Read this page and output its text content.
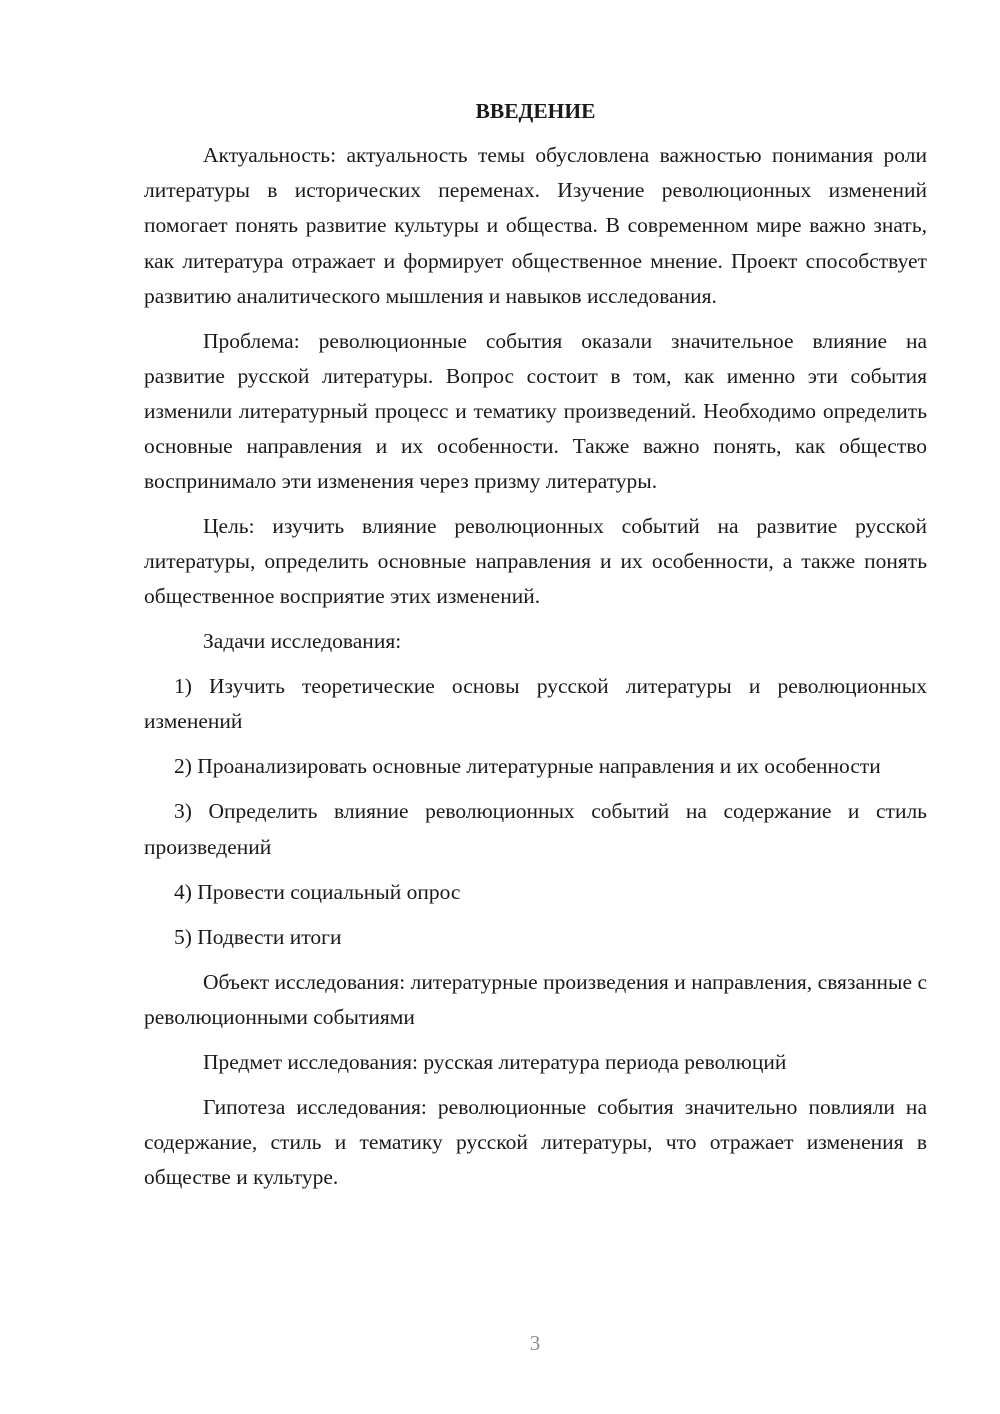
ВВЕДЕНИЕ

Актуальность: актуальность темы обусловлена важностью понимания роли литературы в исторических переменах. Изучение революционных изменений помогает понять развитие культуры и общества. В современном мире важно знать, как литература отражает и формирует общественное мнение. Проект способствует развитию аналитического мышления и навыков исследования.

Проблема: революционные события оказали значительное влияние на развитие русской литературы. Вопрос состоит в том, как именно эти события изменили литературный процесс и тематику произведений. Необходимо определить основные направления и их особенности. Также важно понять, как общество воспринимало эти изменения через призму литературы.

Цель: изучить влияние революционных событий на развитие русской литературы, определить основные направления и их особенности, а также понять общественное восприятие этих изменений.

Задачи исследования:

1) Изучить теоретические основы русской литературы и революционных изменений

2) Проанализировать основные литературные направления и их особенности

3) Определить влияние революционных событий на содержание и стиль произведений

4) Провести социальный опрос

5) Подвести итоги

Объект исследования: литературные произведения и направления, связанные с революционными событиями

Предмет исследования: русская литература периода революций

Гипотеза исследования: революционные события значительно повлияли на содержание, стиль и тематику русской литературы, что отражает изменения в обществе и культуре.

3
